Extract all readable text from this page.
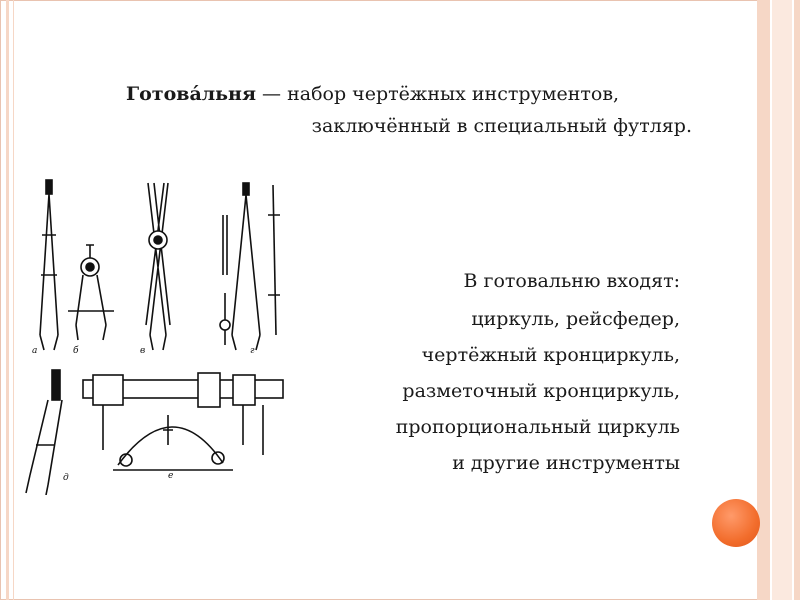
Готова́льня — набор чертёжных инструментов,
заключённый в специальный футляр.
В готовальню входят:
циркуль, рейсфедер,
чертёжный кронциркуль,
разметочный кронциркуль,
пропорциональный циркуль
и другие инструменты
а	б	в	г
д	е
